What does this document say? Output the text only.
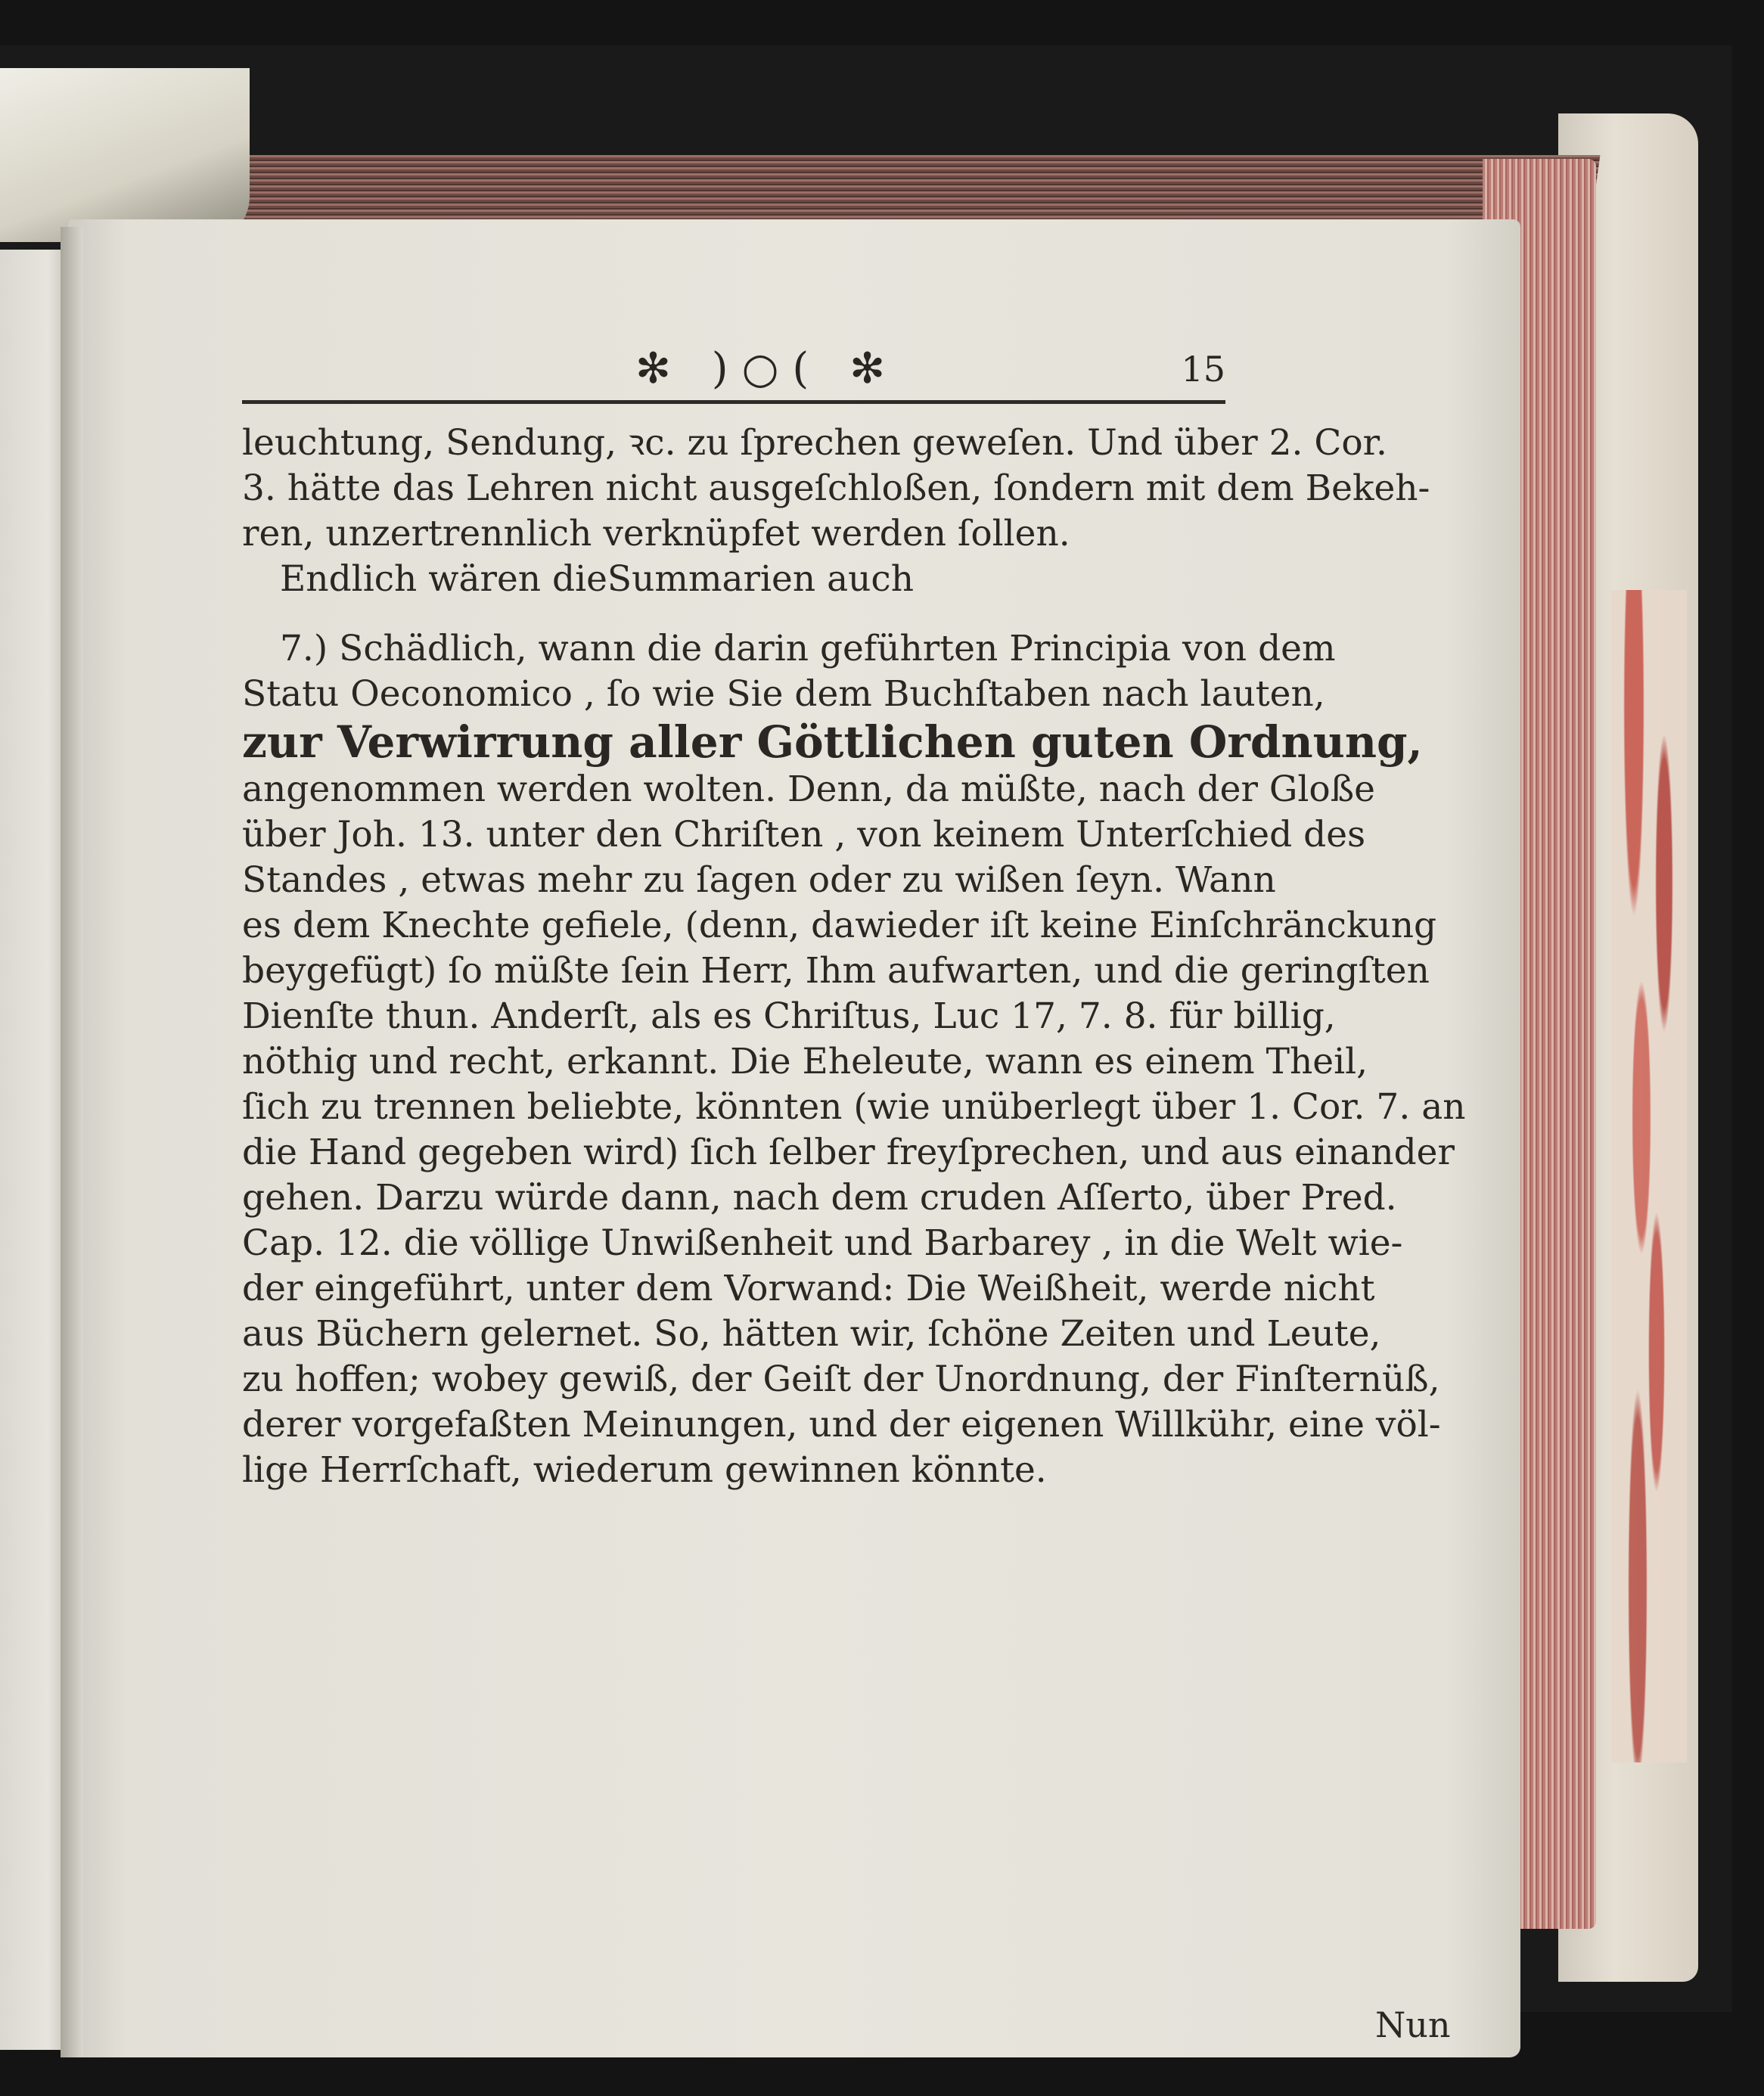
✻ )○( ✻	15
leuchtung, Sendung, ꝛc. zu ſprechen geweſen. Und über 2. Cor.
3. hätte das Lehren nicht ausgeſchloßen, ſondern mit dem Bekeh-
ren, unzertrennlich verknüpfet werden ſollen.
Endlich wären dieSummarien auch
7.) Schädlich, wann die darin geführten Principia von dem
Statu Oeconomico , ſo wie Sie dem Buchſtaben nach lauten,
zur Verwirrung aller Göttlichen guten Ordnung,
angenommen werden wolten. Denn, da müßte, nach der Gloße
über Joh. 13. unter den Chriſten , von keinem Unterſchied des
Standes , etwas mehr zu ſagen oder zu wißen ſeyn. Wann
es dem Knechte gefiele, (denn, dawieder iſt keine Einſchränckung
beygefügt) ſo müßte ſein Herr, Ihm aufwarten, und die geringſten
Dienſte thun. Anderſt, als es Chriſtus, Luc 17, 7. 8. für billig,
nöthig und recht, erkannt. Die Eheleute, wann es einem Theil,
ſich zu trennen beliebte, könnten (wie unüberlegt über 1. Cor. 7. an
die Hand gegeben wird) ſich ſelber freyſprechen, und aus einander
gehen. Darzu würde dann, nach dem cruden Aſſerto, über Pred.
Cap. 12. die völlige Unwißenheit und Barbarey , in die Welt wie-
der eingeführt, unter dem Vorwand: Die Weißheit, werde nicht
aus Büchern gelernet. So, hätten wir, ſchöne Zeiten und Leute,
zu hoffen; wobey gewiß, der Geiſt der Unordnung, der Finſternüß,
derer vorgefaßten Meinungen, und der eigenen Willkühr, eine völ-
lige Herrſchaft, wiederum gewinnen könnte.
Nun
